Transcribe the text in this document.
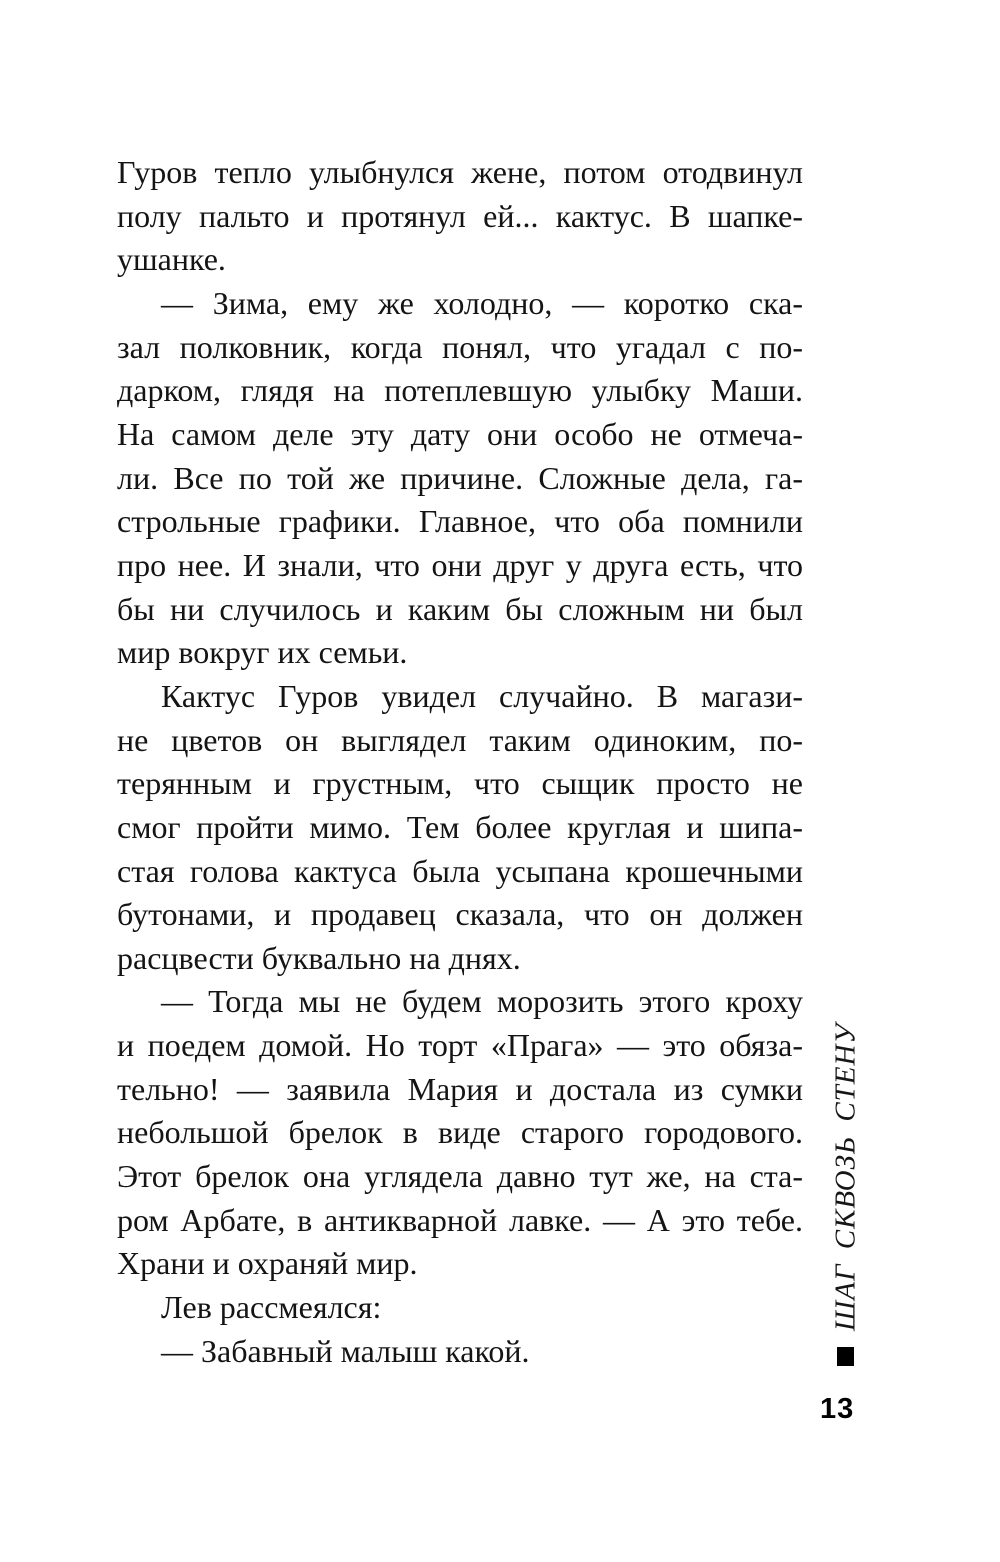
Гуров тепло улыбнулся жене, потом отодвинул
полу пальто и протянул ей... кактус. В шапке-
ушанке.
— Зима, ему же холодно, — коротко ска-
зал полковник, когда понял, что угадал с по-
дарком, глядя на потеплевшую улыбку Маши.
На самом деле эту дату они особо не отмеча-
ли. Все по той же причине. Сложные дела, га-
строльные графики. Главное, что оба помнили
про нее. И знали, что они друг у друга есть, что
бы ни случилось и каким бы сложным ни был
мир вокруг их семьи.
Кактус Гуров увидел случайно. В магази-
не цветов он выглядел таким одиноким, по-
терянным и грустным, что сыщик просто не
смог пройти мимо. Тем более круглая и шипа-
стая голова кактуса была усыпана крошечными
бутонами, и продавец сказала, что он должен
расцвести буквально на днях.
— Тогда мы не будем морозить этого кроху
и поедем домой. Но торт «Прага» — это обяза-
тельно! — заявила Мария и достала из сумки
небольшой брелок в виде старого городового.
Этот брелок она углядела давно тут же, на ста-
ром Арбате, в антикварной лавке. — А это тебе.
Храни и охраняй мир.
Лев рассмеялся:
— Забавный малыш какой.
ШАГ СКВОЗЬ СТЕНУ
13
